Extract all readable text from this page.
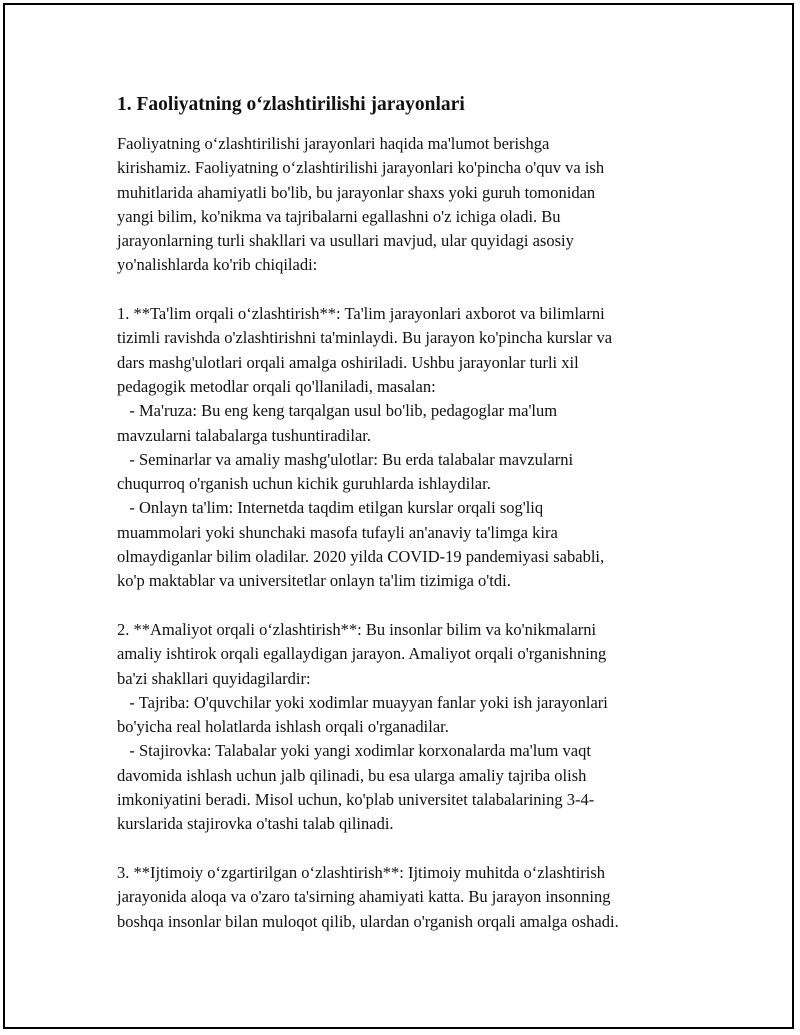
1. Faoliyatning o‘zlashtirilishi jarayonlari
Faoliyatning o‘zlashtirilishi jarayonlari haqida ma'lumot berishga
kirishamiz. Faoliyatning o‘zlashtirilishi jarayonlari ko'pincha o'quv va ish
muhitlarida ahamiyatli bo'lib, bu jarayonlar shaxs yoki guruh tomonidan
yangi bilim, ko'nikma va tajribalarni egallashni o'z ichiga oladi. Bu
jarayonlarning turli shakllari va usullari mavjud, ular quyidagi asosiy
yo'nalishlarda ko'rib chiqiladi:
1. **Ta'lim orqali o‘zlashtirish**: Ta'lim jarayonlari axborot va bilimlarni
tizimli ravishda o'zlashtirishni ta'minlaydi. Bu jarayon ko'pincha kurslar va
dars mashg'ulotlari orqali amalga oshiriladi. Ushbu jarayonlar turli xil
pedagogik metodlar orqali qo'llaniladi, masalan:
- Ma'ruza: Bu eng keng tarqalgan usul bo'lib, pedagoglar ma'lum
mavzularni talabalarga tushuntiradilar.
- Seminarlar va amaliy mashg'ulotlar: Bu erda talabalar mavzularni
chuqurroq o'rganish uchun kichik guruhlarda ishlaydilar.
- Onlayn ta'lim: Internetda taqdim etilgan kurslar orqali sog'liq
muammolari yoki shunchaki masofa tufayli an'anaviy ta'limga kira
olmaydiganlar bilim oladilar. 2020 yilda COVID-19 pandemiyasi sababli,
ko'p maktablar va universitetlar onlayn ta'lim tizimiga o'tdi.
2. **Amaliyot orqali o‘zlashtirish**: Bu insonlar bilim va ko'nikmalarni
amaliy ishtirok orqali egallaydigan jarayon. Amaliyot orqali o'rganishning
ba'zi shakllari quyidagilardir:
- Tajriba: O'quvchilar yoki xodimlar muayyan fanlar yoki ish jarayonlari
bo'yicha real holatlarda ishlash orqali o'rganadilar.
- Stajirovka: Talabalar yoki yangi xodimlar korxonalarda ma'lum vaqt
davomida ishlash uchun jalb qilinadi, bu esa ularga amaliy tajriba olish
imkoniyatini beradi. Misol uchun, ko'plab universitet talabalarining 3-4-
kurslarida stajirovka o'tashi talab qilinadi.
3. **Ijtimoiy o‘zgartirilgan o‘zlashtirish**: Ijtimoiy muhitda o‘zlashtirish
jarayonida aloqa va o'zaro ta'sirning ahamiyati katta. Bu jarayon insonning
boshqa insonlar bilan muloqot qilib, ulardan o'rganish orqali amalga oshadi.
